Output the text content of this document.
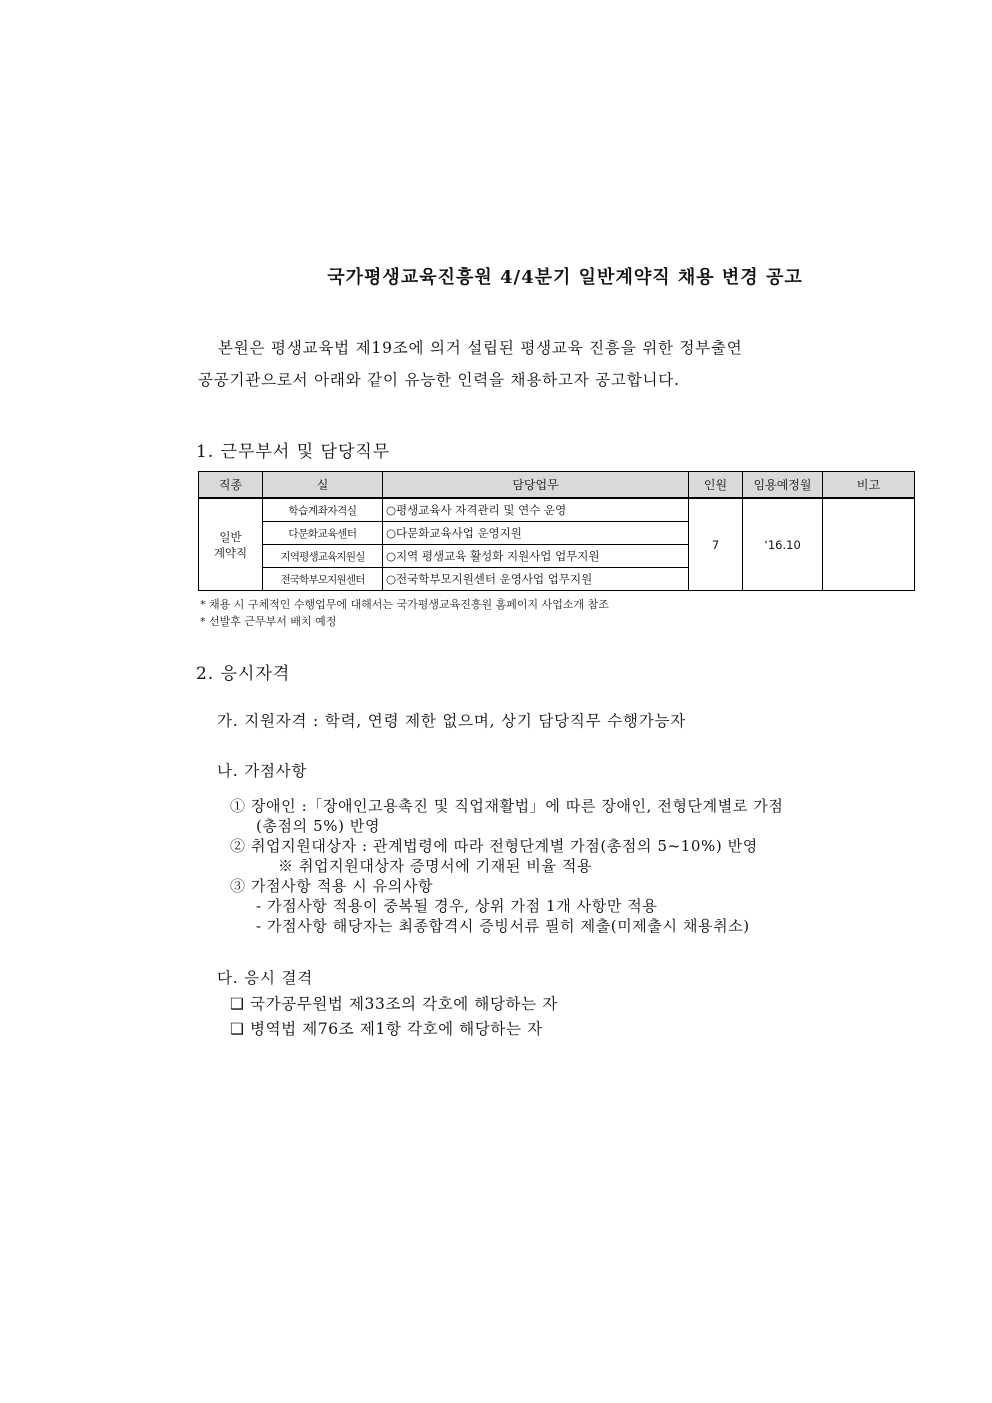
국가평생교육진흥원 4/4분기 일반계약직 채용 변경 공고
본원은 평생교육법 제19조에 의거 설립된 평생교육 진흥을 위한 정부출연
공공기관으로서 아래와 같이 유능한 인력을 채용하고자 공고합니다.
1. 근무부서 및 담당직무
직종	실	담당업무	인원	임용예정월	비고
일반
계약직	학습계좌자격실	○평생교육사 자격관리 및 연수 운영	7	‘16.10	
	다문화교육센터	○다문화교육사업 운영지원			
	지역평생교육지원실	○지역 평생교육 활성화 지원사업 업무지원			
	전국학부모지원센터	○전국학부모지원센터 운영사업 업무지원			
* 채용 시 구체적인 수행업무에 대해서는 국가평생교육진흥원 홈페이지 사업소개 참조
* 선발후 근무부서 배치 예정
2. 응시자격
가. 지원자격 : 학력, 연령 제한 없으며, 상기 담당직무 수행가능자
나. 가점사항
① 장애인 :「장애인고용촉진 및 직업재활법」에 따른 장애인, 전형단계별로 가점
(총점의 5%) 반영
② 취업지원대상자 : 관계법령에 따라 전형단계별 가점(총점의 5~10%) 반영
※ 취업지원대상자 증명서에 기재된 비율 적용
③ 가점사항 적용 시 유의사항
- 가점사항 적용이 중복될 경우, 상위 가점 1개 사항만 적용
- 가점사항 해당자는 최종합격시 증빙서류 필히 제출(미제출시 채용취소)
다. 응시 결격
❑ 국가공무원법 제33조의 각호에 해당하는 자
❑ 병역법 제76조 제1항 각호에 해당하는 자
